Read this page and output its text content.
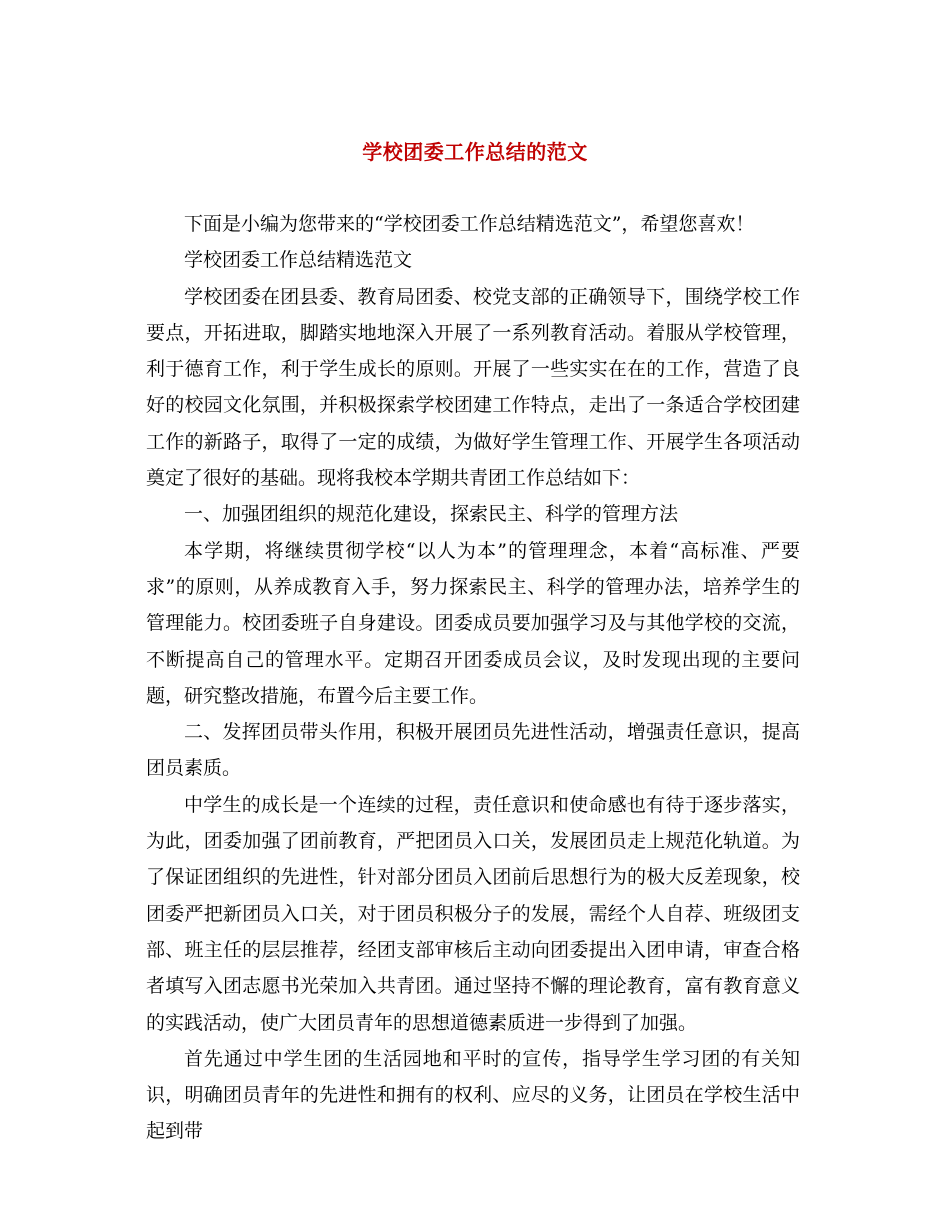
学校团委工作总结的范文

下面是小编为您带来的“学校团委工作总结精选范文”，希望您喜欢！

学校团委工作总结精选范文

学校团委在团县委、教育局团委、校党支部的正确领导下，围绕学校工作要点，开拓进取，脚踏实地地深入开展了一系列教育活动。着服从学校管理，利于德育工作，利于学生成长的原则。开展了一些实实在在的工作，营造了良好的校园文化氛围，并积极探索学校团建工作特点，走出了一条适合学校团建工作的新路子，取得了一定的成绩，为做好学生管理工作、开展学生各项活动奠定了很好的基础。现将我校本学期共青团工作总结如下：

一、加强团组织的规范化建设，探索民主、科学的管理方法

本学期，将继续贯彻学校“以人为本”的管理理念，本着“高标准、严要求”的原则，从养成教育入手，努力探索民主、科学的管理办法，培养学生的管理能力。校团委班子自身建设。团委成员要加强学习及与其他学校的交流，不断提高自己的管理水平。定期召开团委成员会议，及时发现出现的主要问题，研究整改措施，布置今后主要工作。

二、发挥团员带头作用，积极开展团员先进性活动，增强责任意识，提高团员素质。

中学生的成长是一个连续的过程，责任意识和使命感也有待于逐步落实，为此，团委加强了团前教育，严把团员入口关，发展团员走上规范化轨道。为了保证团组织的先进性，针对部分团员入团前后思想行为的极大反差现象，校团委严把新团员入口关，对于团员积极分子的发展，需经个人自荐、班级团支部、班主任的层层推荐，经团支部审核后主动向团委提出入团申请，审查合格者填写入团志愿书光荣加入共青团。通过坚持不懈的理论教育，富有教育意义的实践活动，使广大团员青年的思想道德素质进一步得到了加强。

首先通过中学生团的生活园地和平时的宣传，指导学生学习团的有关知识，明确团员青年的先进性和拥有的权利、应尽的义务，让团员在学校生活中起到带
